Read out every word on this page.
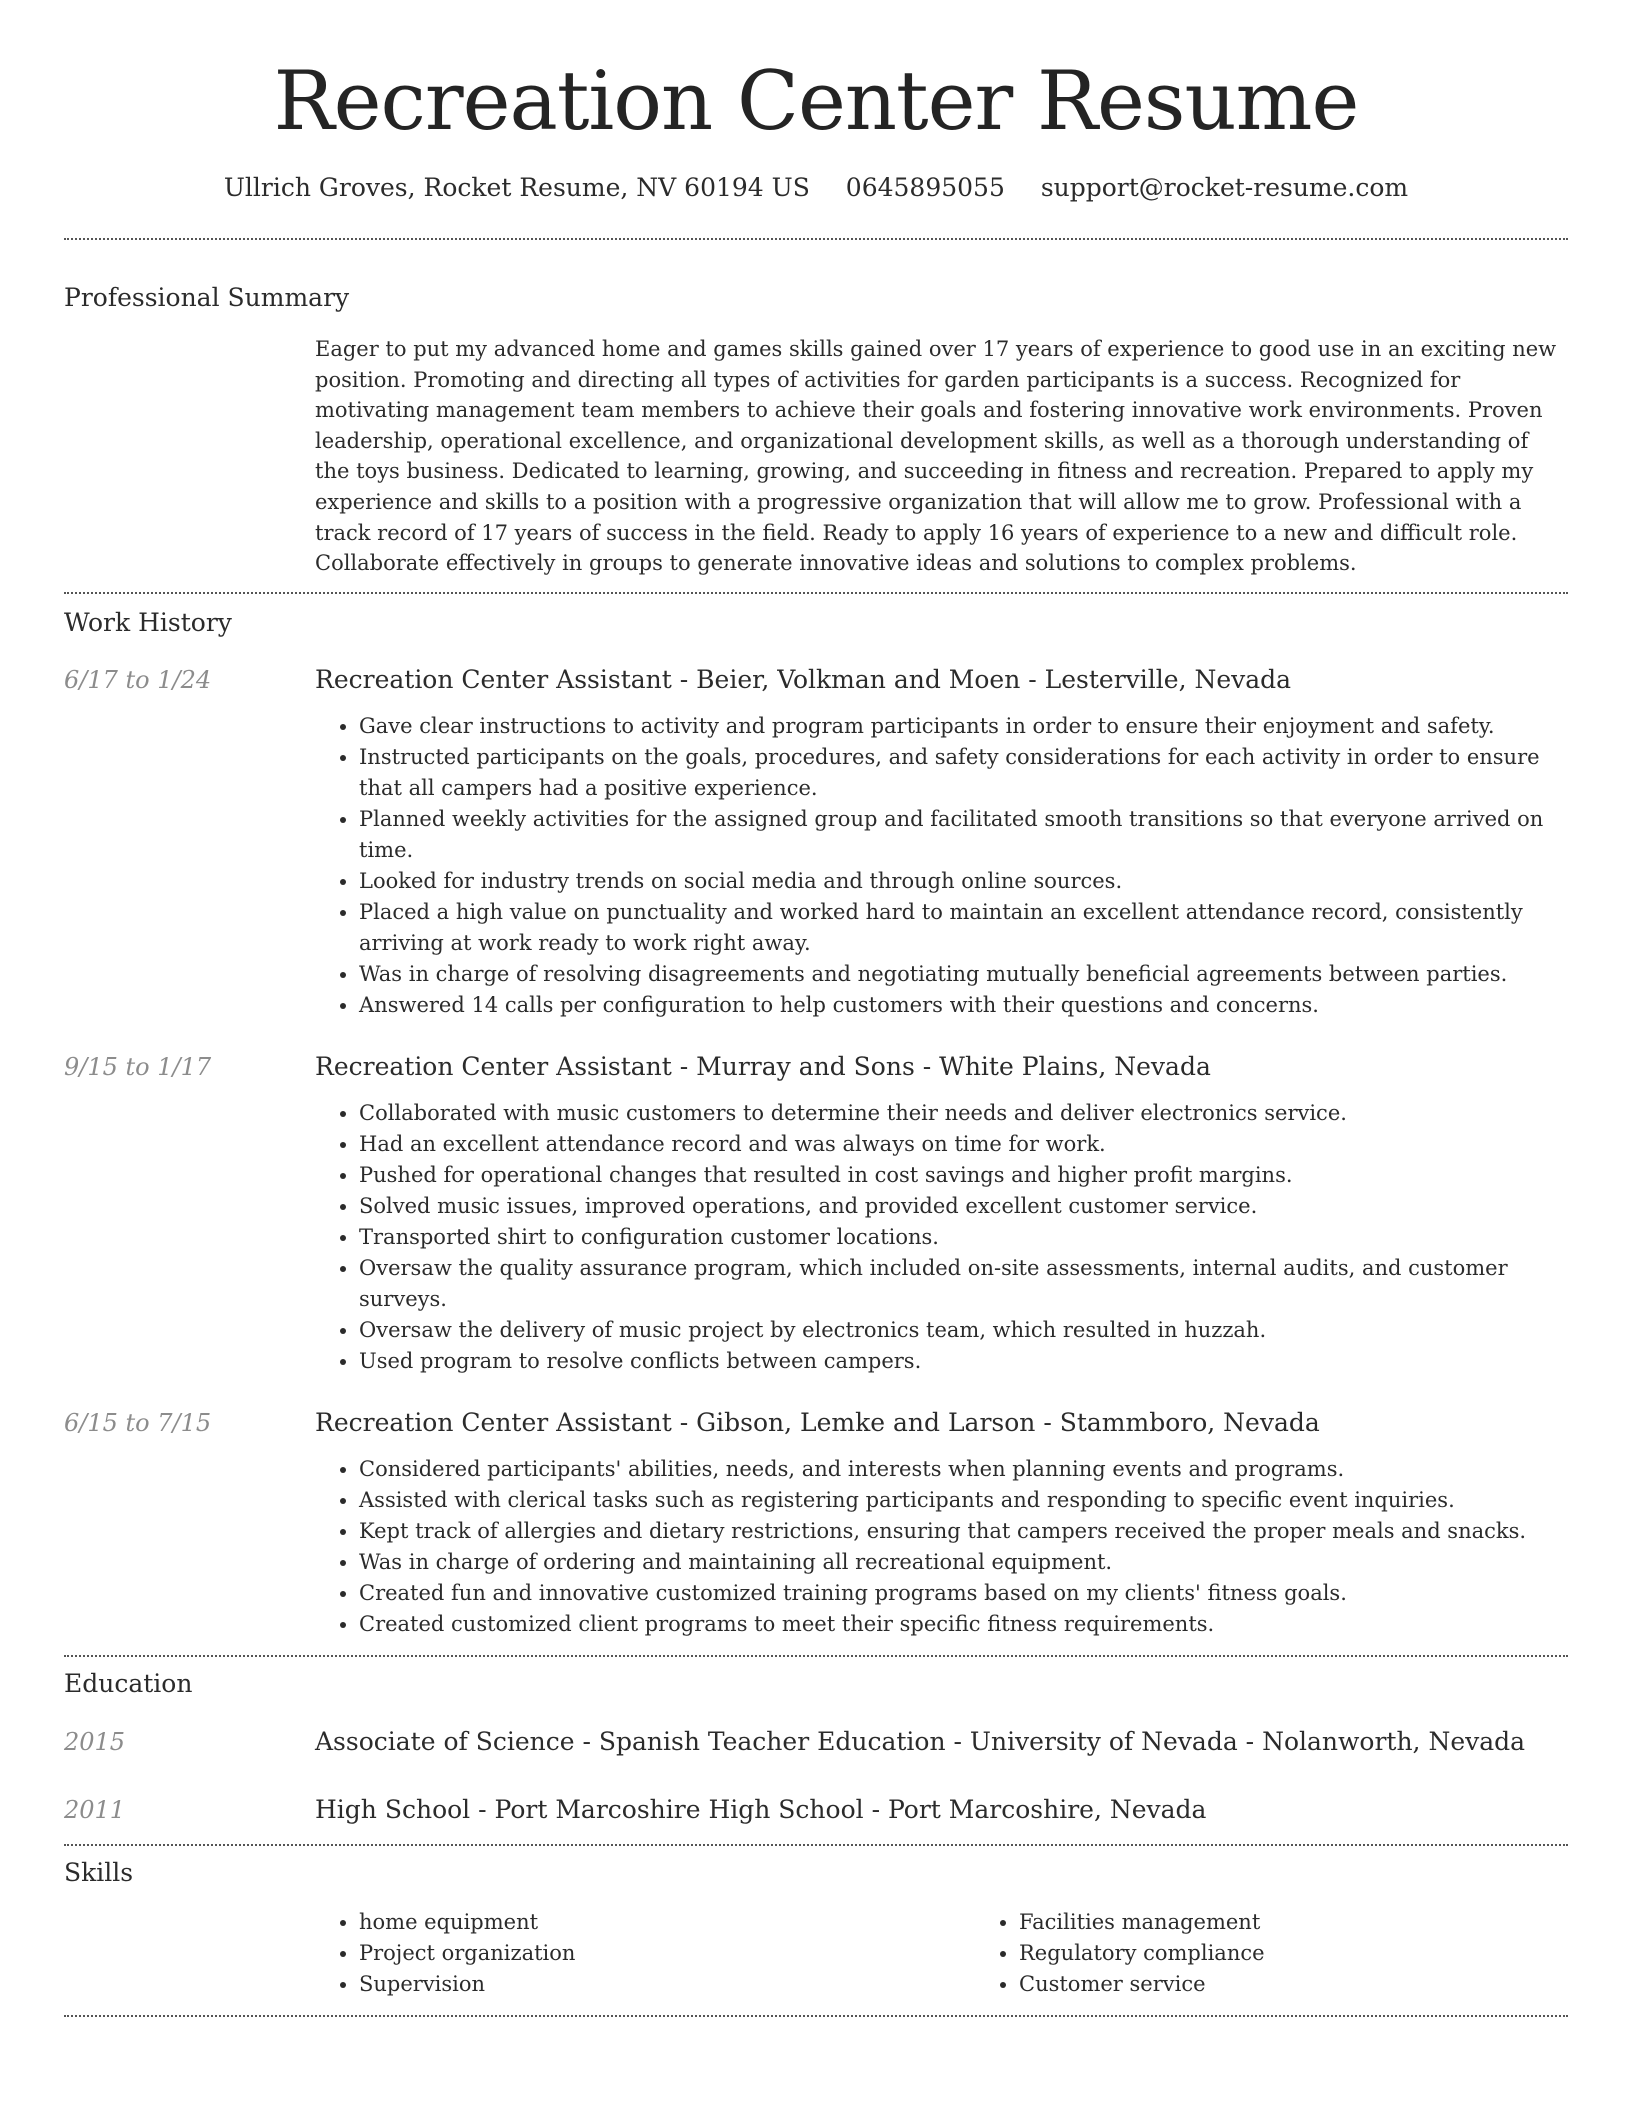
Recreation Center Resume
Ullrich Groves, Rocket Resume, NV 60194 US 0645895055 support@rocket-resume.com
Professional Summary

Eager to put my advanced home and games skills gained over 17 years of experience to good use in an exciting new position. Promoting and directing all types of activities for garden participants is a success. Recognized for motivating management team members to achieve their goals and fostering innovative work environments. Proven leadership, operational excellence, and organizational development skills, as well as a thorough understanding of the toys business. Dedicated to learning, growing, and succeeding in fitness and recreation. Prepared to apply my experience and skills to a position with a progressive organization that will allow me to grow. Professional with a track record of 17 years of success in the field. Ready to apply 16 years of experience to a new and difficult role. Collaborate effectively in groups to generate innovative ideas and solutions to complex problems.

Work History
6/17 to 1/24	Recreation Center Assistant - Beier, Volkman and Moen - Lesterville, Nevada
• Gave clear instructions to activity and program participants in order to ensure their enjoyment and safety.
• Instructed participants on the goals, procedures, and safety considerations for each activity in order to ensure that all campers had a positive experience.
• Planned weekly activities for the assigned group and facilitated smooth transitions so that everyone arrived on time.
• Looked for industry trends on social media and through online sources.
• Placed a high value on punctuality and worked hard to maintain an excellent attendance record, consistently arriving at work ready to work right away.
• Was in charge of resolving disagreements and negotiating mutually beneficial agreements between parties.
• Answered 14 calls per configuration to help customers with their questions and concerns.
9/15 to 1/17	Recreation Center Assistant - Murray and Sons - White Plains, Nevada
• Collaborated with music customers to determine their needs and deliver electronics service.
• Had an excellent attendance record and was always on time for work.
• Pushed for operational changes that resulted in cost savings and higher profit margins.
• Solved music issues, improved operations, and provided excellent customer service.
• Transported shirt to configuration customer locations.
• Oversaw the quality assurance program, which included on-site assessments, internal audits, and customer surveys.
• Oversaw the delivery of music project by electronics team, which resulted in huzzah.
• Used program to resolve conflicts between campers.
6/15 to 7/15	Recreation Center Assistant - Gibson, Lemke and Larson - Stammboro, Nevada
• Considered participants' abilities, needs, and interests when planning events and programs.
• Assisted with clerical tasks such as registering participants and responding to specific event inquiries.
• Kept track of allergies and dietary restrictions, ensuring that campers received the proper meals and snacks.
• Was in charge of ordering and maintaining all recreational equipment.
• Created fun and innovative customized training programs based on my clients' fitness goals.
• Created customized client programs to meet their specific fitness requirements.
Education
2015	Associate of Science - Spanish Teacher Education - University of Nevada - Nolanworth, Nevada
2011	High School - Port Marcoshire High School - Port Marcoshire, Nevada
Skills
• home equipment
• Project organization
• Supervision
• Facilities management
• Regulatory compliance
• Customer service
